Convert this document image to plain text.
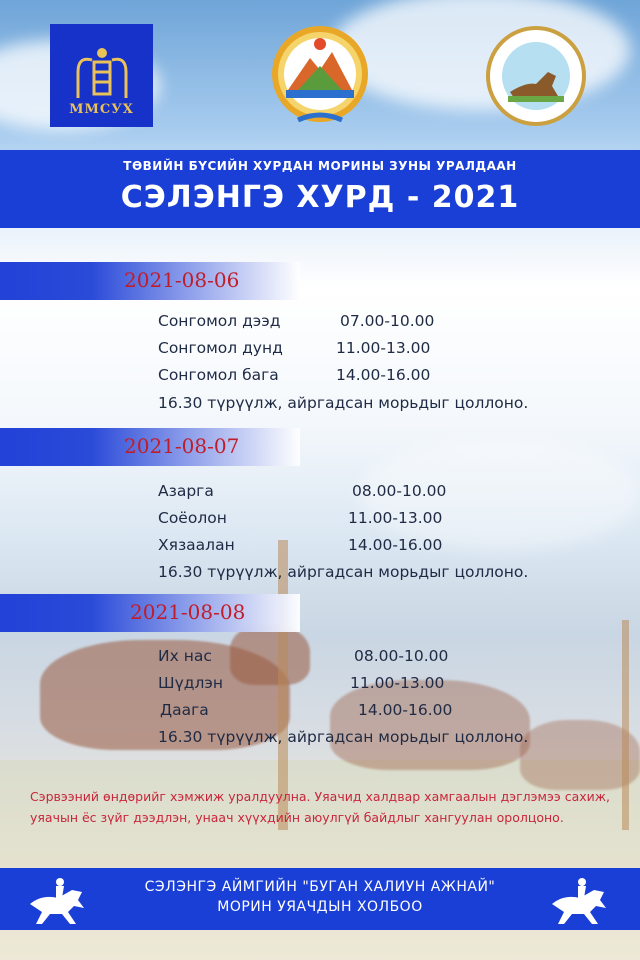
ММСУХ
ТӨВИЙН БҮСИЙН ХУРДАН МОРИНЫ ЗУНЫ УРАЛДААН
СЭЛЭНГЭ ХУРД - 2021
2021-08-06
Сонгомол дээд	07.00-10.00
Сонгомол дунд	11.00-13.00
Сонгомол бага	14.00-16.00
16.30 түрүүлж, айргадсан морьдыг цоллоно.
2021-08-07
Азарга	08.00-10.00
Соёолон	11.00-13.00
Хязаалан	14.00-16.00
16.30 түрүүлж, айргадсан морьдыг цоллоно.
2021-08-08
Их нас	08.00-10.00
Шүдлэн	11.00-13.00
Даага	14.00-16.00
16.30 түрүүлж, айргадсан морьдыг цоллоно.
Сэрвээний өндөрийг хэмжиж уралдуулна. Уяачид халдвар хамгаалын дэглэмээ сахиж, уяачын ёс зүйг дээдлэн, унаач хүүхдийн аюулгүй байдлыг хангуулан оролцоно.
СЭЛЭНГЭ АЙМГИЙН "БУГАН ХАЛИУН АЖНАЙ"
МОРИН УЯАЧДЫН ХОЛБОО
